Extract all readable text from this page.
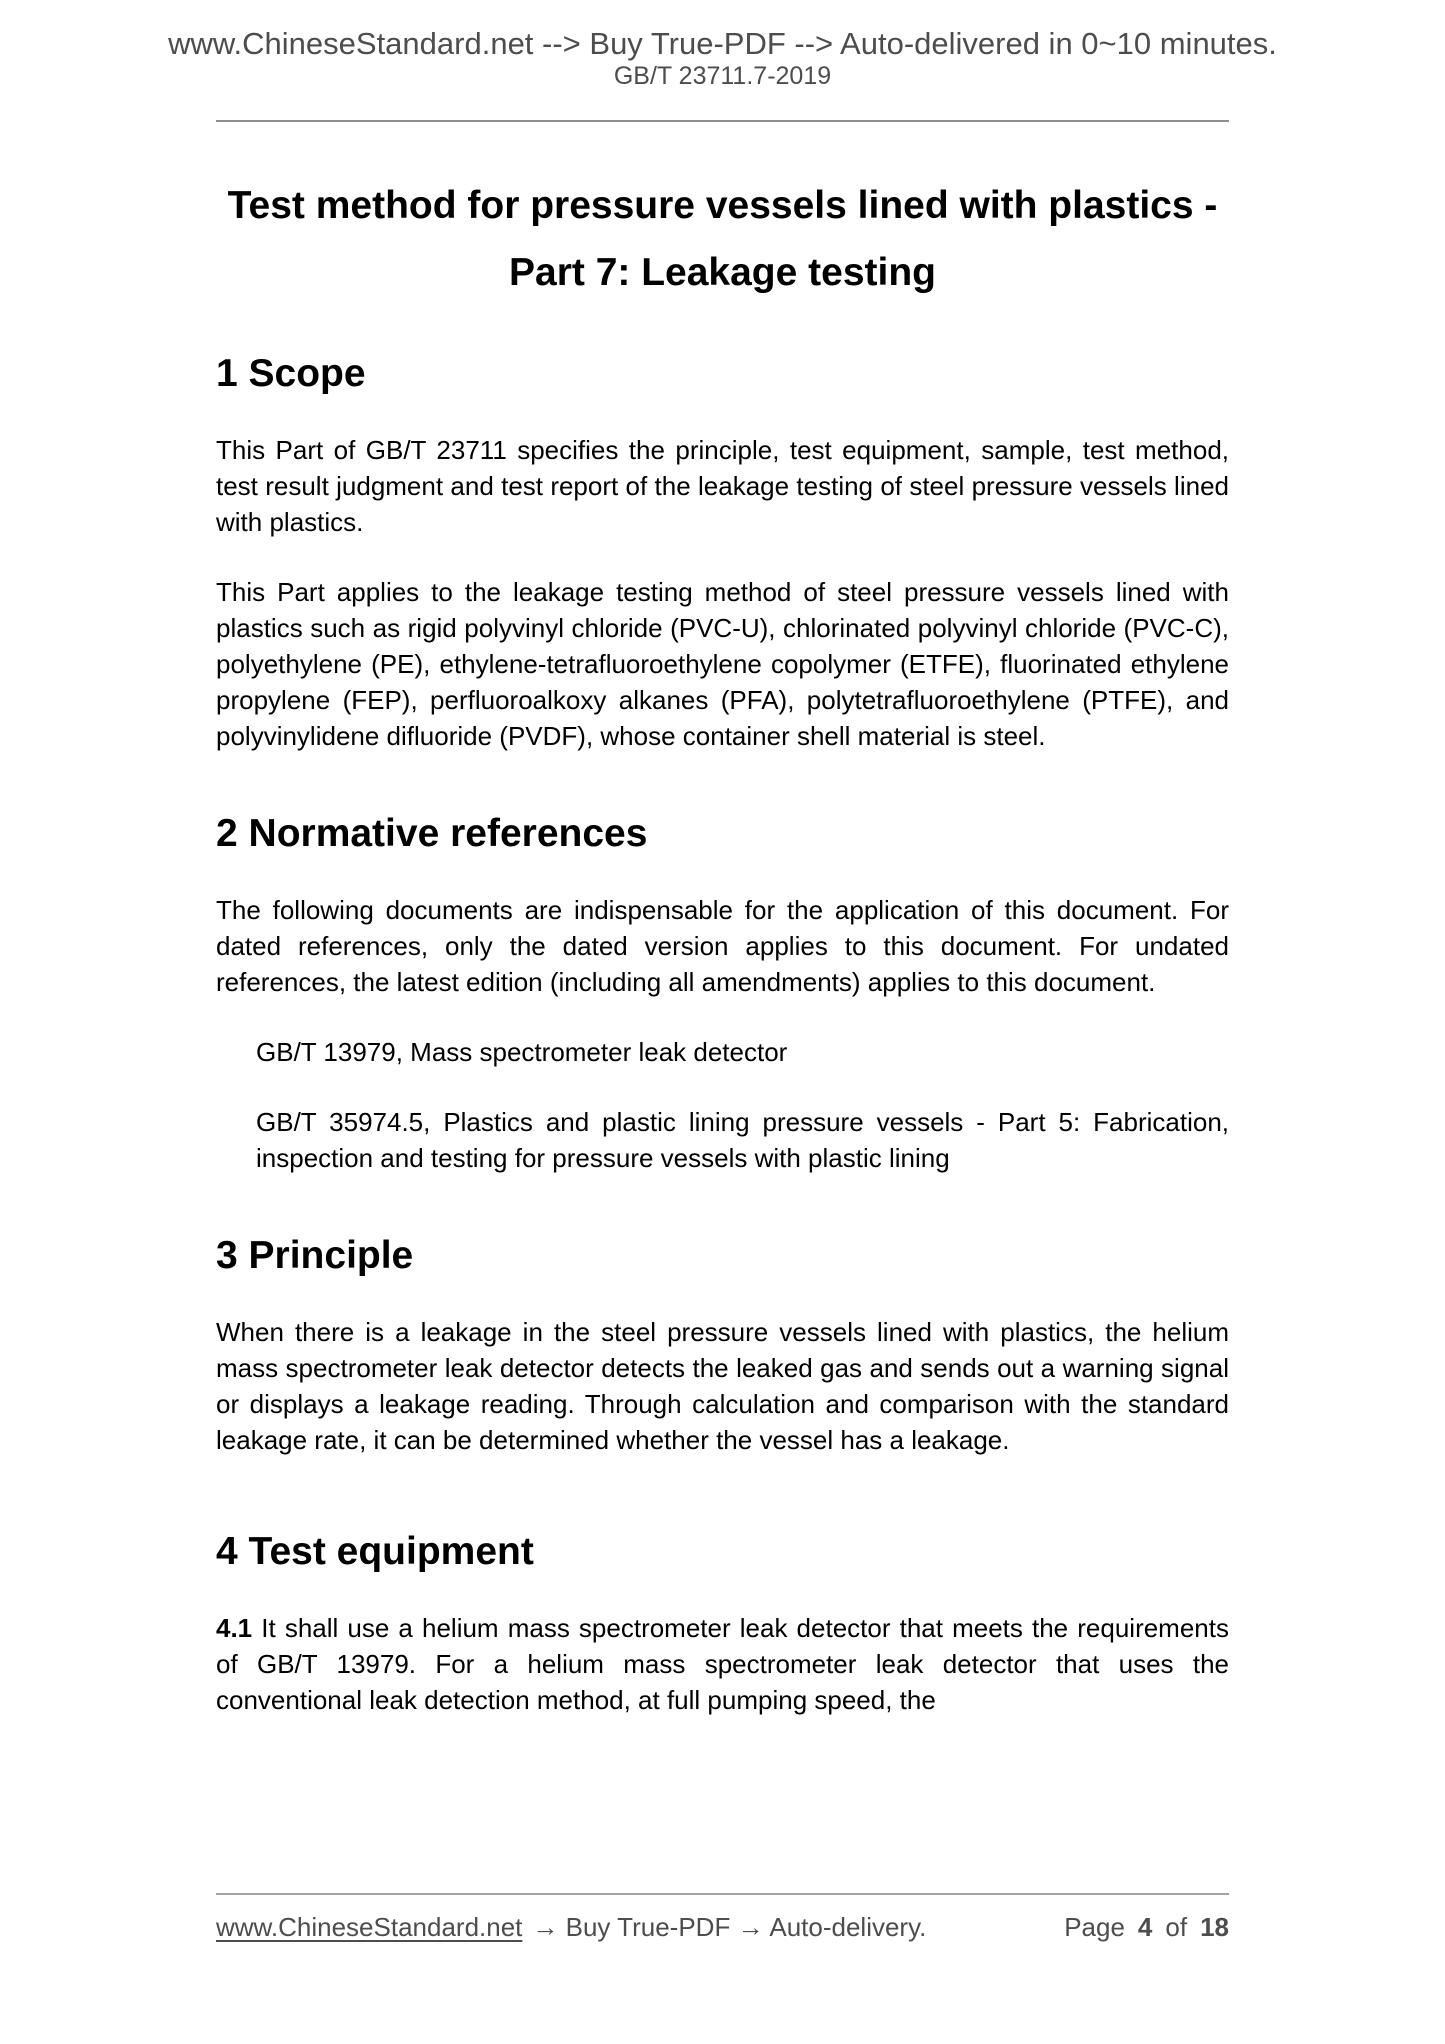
www.ChineseStandard.net --> Buy True-PDF --> Auto-delivered in 0~10 minutes.
GB/T 23711.7-2019
Test method for pressure vessels lined with plastics -
Part 7: Leakage testing
1 Scope

This Part of GB/T 23711 specifies the principle, test equipment, sample, test method, test result judgment and test report of the leakage testing of steel pressure vessels lined with plastics.

This Part applies to the leakage testing method of steel pressure vessels lined with plastics such as rigid polyvinyl chloride (PVC-U), chlorinated polyvinyl chloride (PVC-C), polyethylene (PE), ethylene-tetrafluoroethylene copolymer (ETFE), fluorinated ethylene propylene (FEP), perfluoroalkoxy alkanes (PFA), polytetrafluoroethylene (PTFE), and polyvinylidene difluoride (PVDF), whose container shell material is steel.

2 Normative references

The following documents are indispensable for the application of this document. For dated references, only the dated version applies to this document. For undated references, the latest edition (including all amendments) applies to this document.

GB/T 13979, Mass spectrometer leak detector

GB/T 35974.5, Plastics and plastic lining pressure vessels - Part 5: Fabrication, inspection and testing for pressure vessels with plastic lining

3 Principle

When there is a leakage in the steel pressure vessels lined with plastics, the helium mass spectrometer leak detector detects the leaked gas and sends out a warning signal or displays a leakage reading. Through calculation and comparison with the standard leakage rate, it can be determined whether the vessel has a leakage.

4 Test equipment

4.1 It shall use a helium mass spectrometer leak detector that meets the requirements of GB/T 13979. For a helium mass spectrometer leak detector that uses the conventional leak detection method, at full pumping speed, the

www.ChineseStandard.net → Buy True-PDF → Auto-delivery.	Page 4 of 18
